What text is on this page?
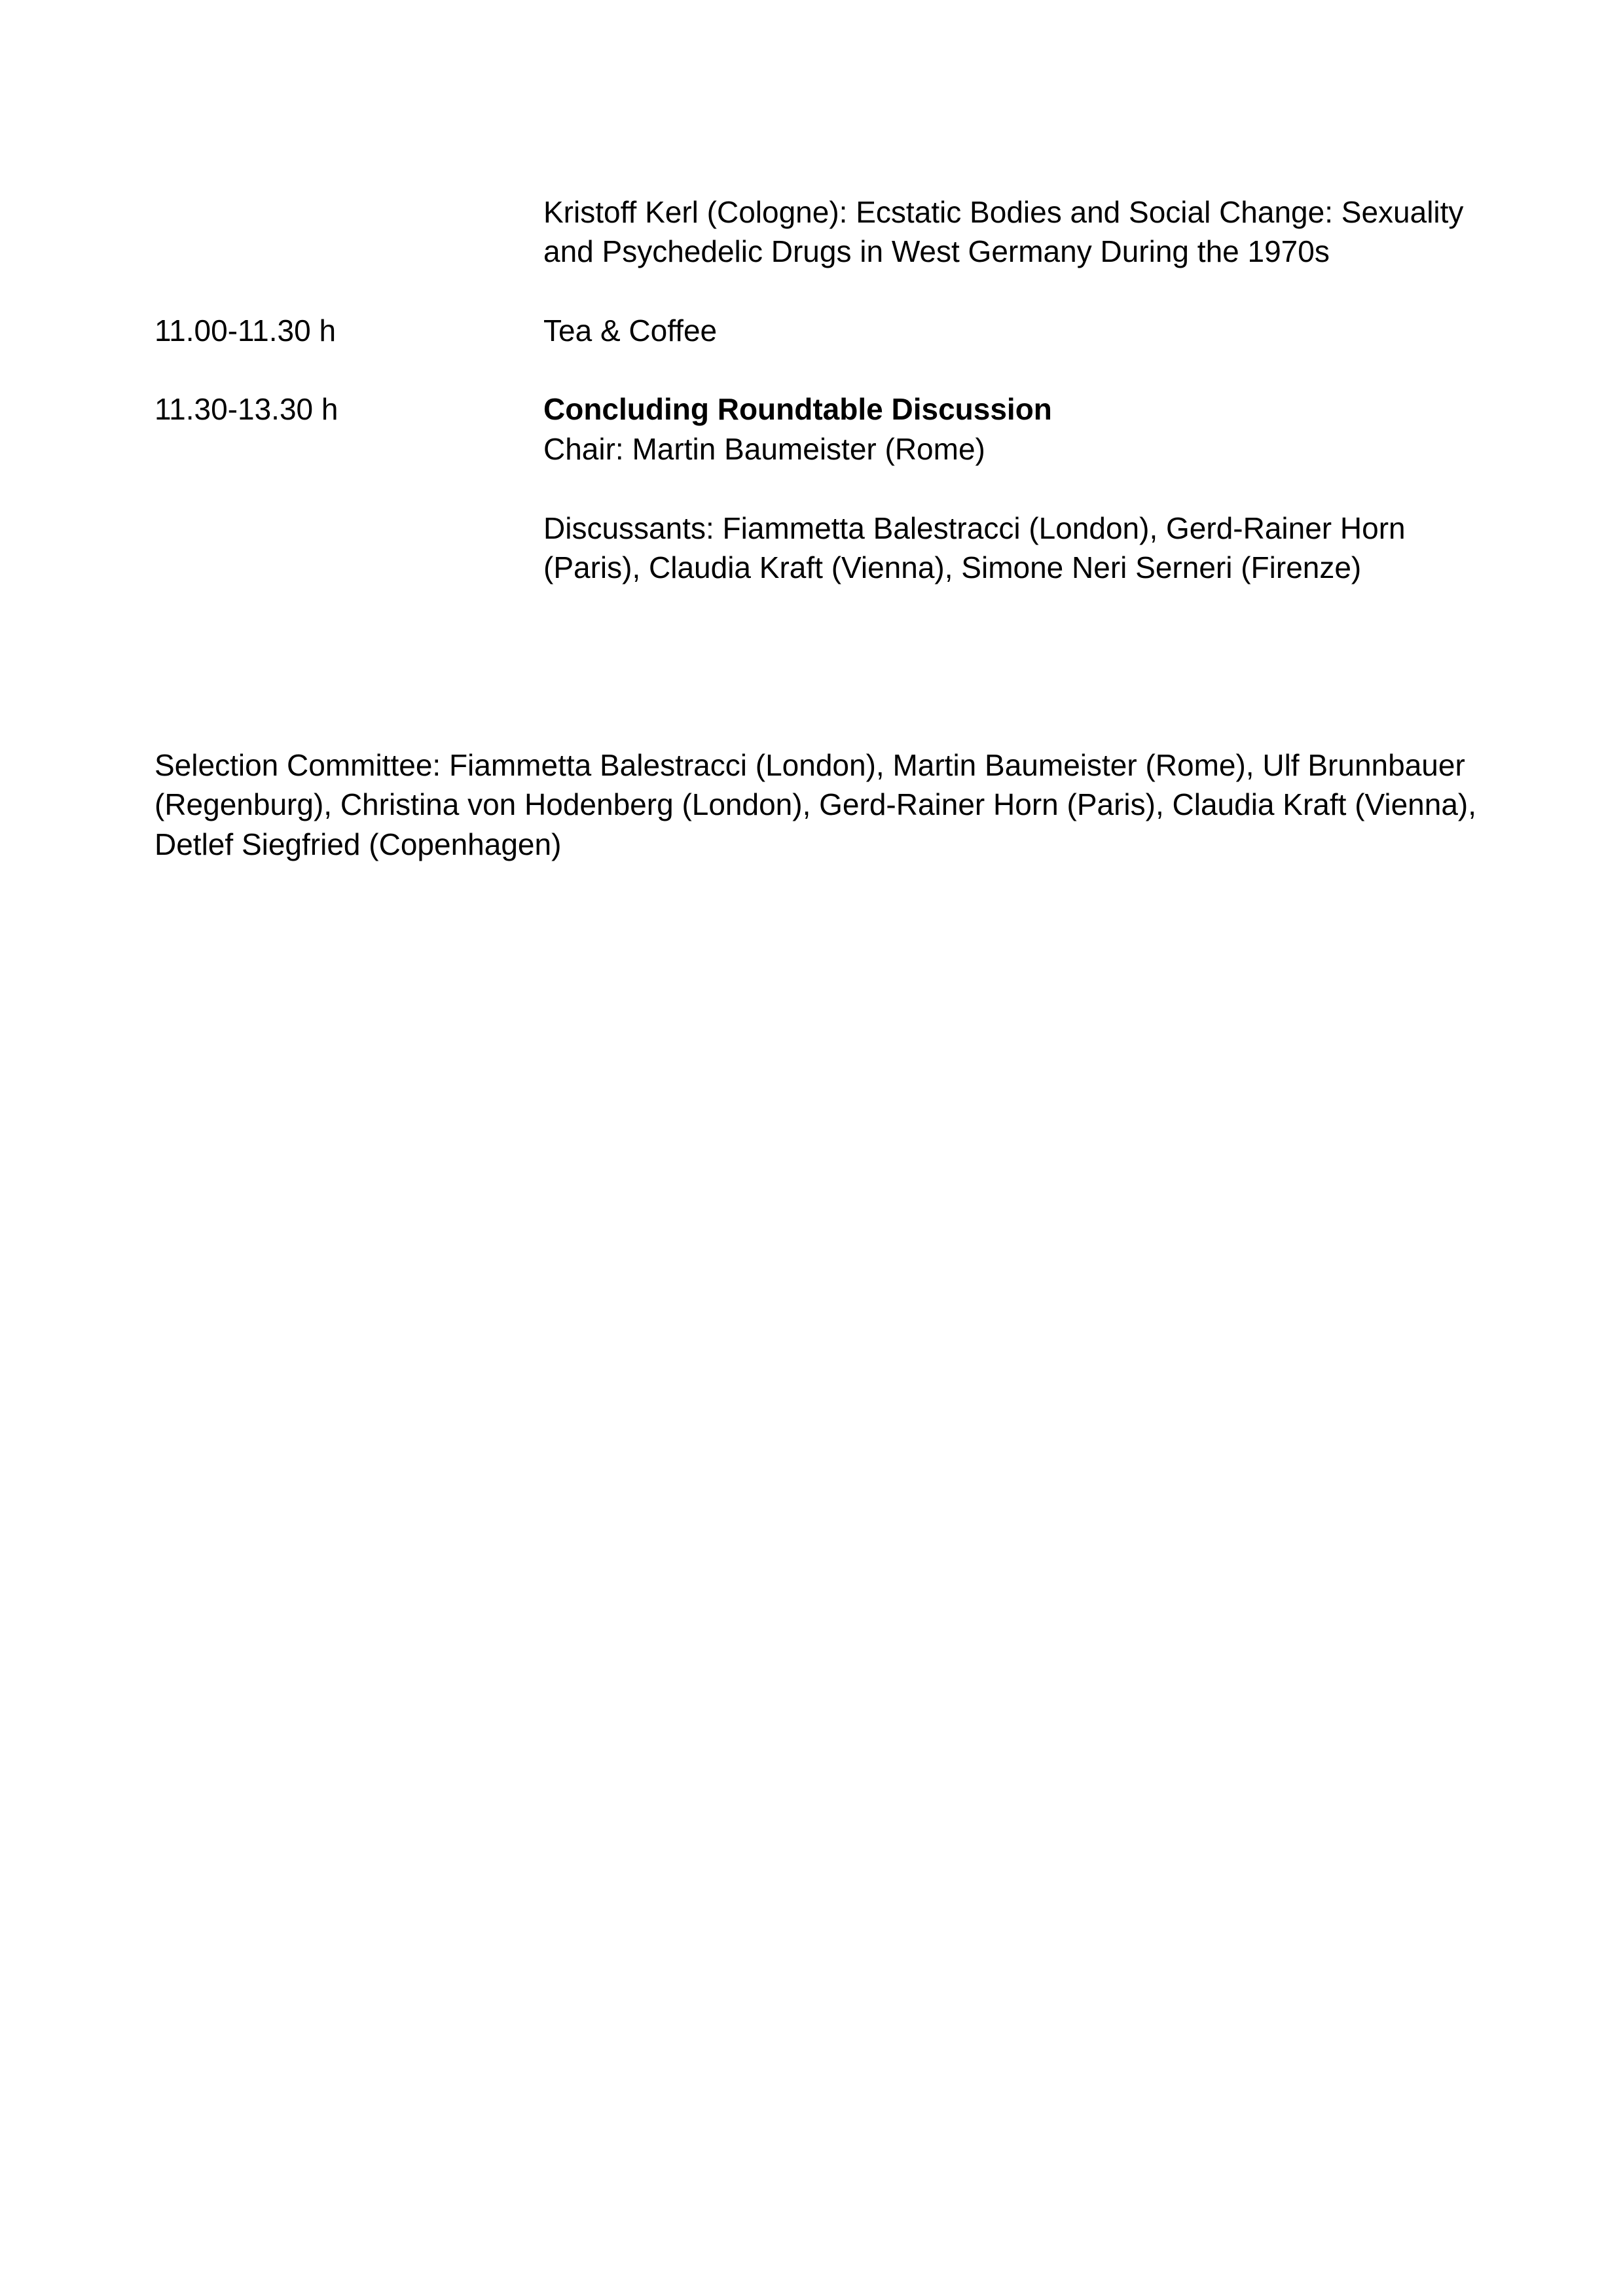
Kristoff Kerl (Cologne): Ecstatic Bodies and Social Change: Sexuality
and Psychedelic Drugs in West Germany During the 1970s
11.00-11.30 h	Tea & Coffee
11.30-13.30 h	Concluding Roundtable Discussion
Chair: Martin Baumeister (Rome)
Discussants: Fiammetta Balestracci (London), Gerd-Rainer Horn
(Paris), Claudia Kraft (Vienna), Simone Neri Serneri (Firenze)
Selection Committee: Fiammetta Balestracci (London), Martin Baumeister (Rome), Ulf Brunnbauer
(Regenburg), Christina von Hodenberg (London), Gerd-Rainer Horn (Paris), Claudia Kraft (Vienna),
Detlef Siegfried (Copenhagen)
